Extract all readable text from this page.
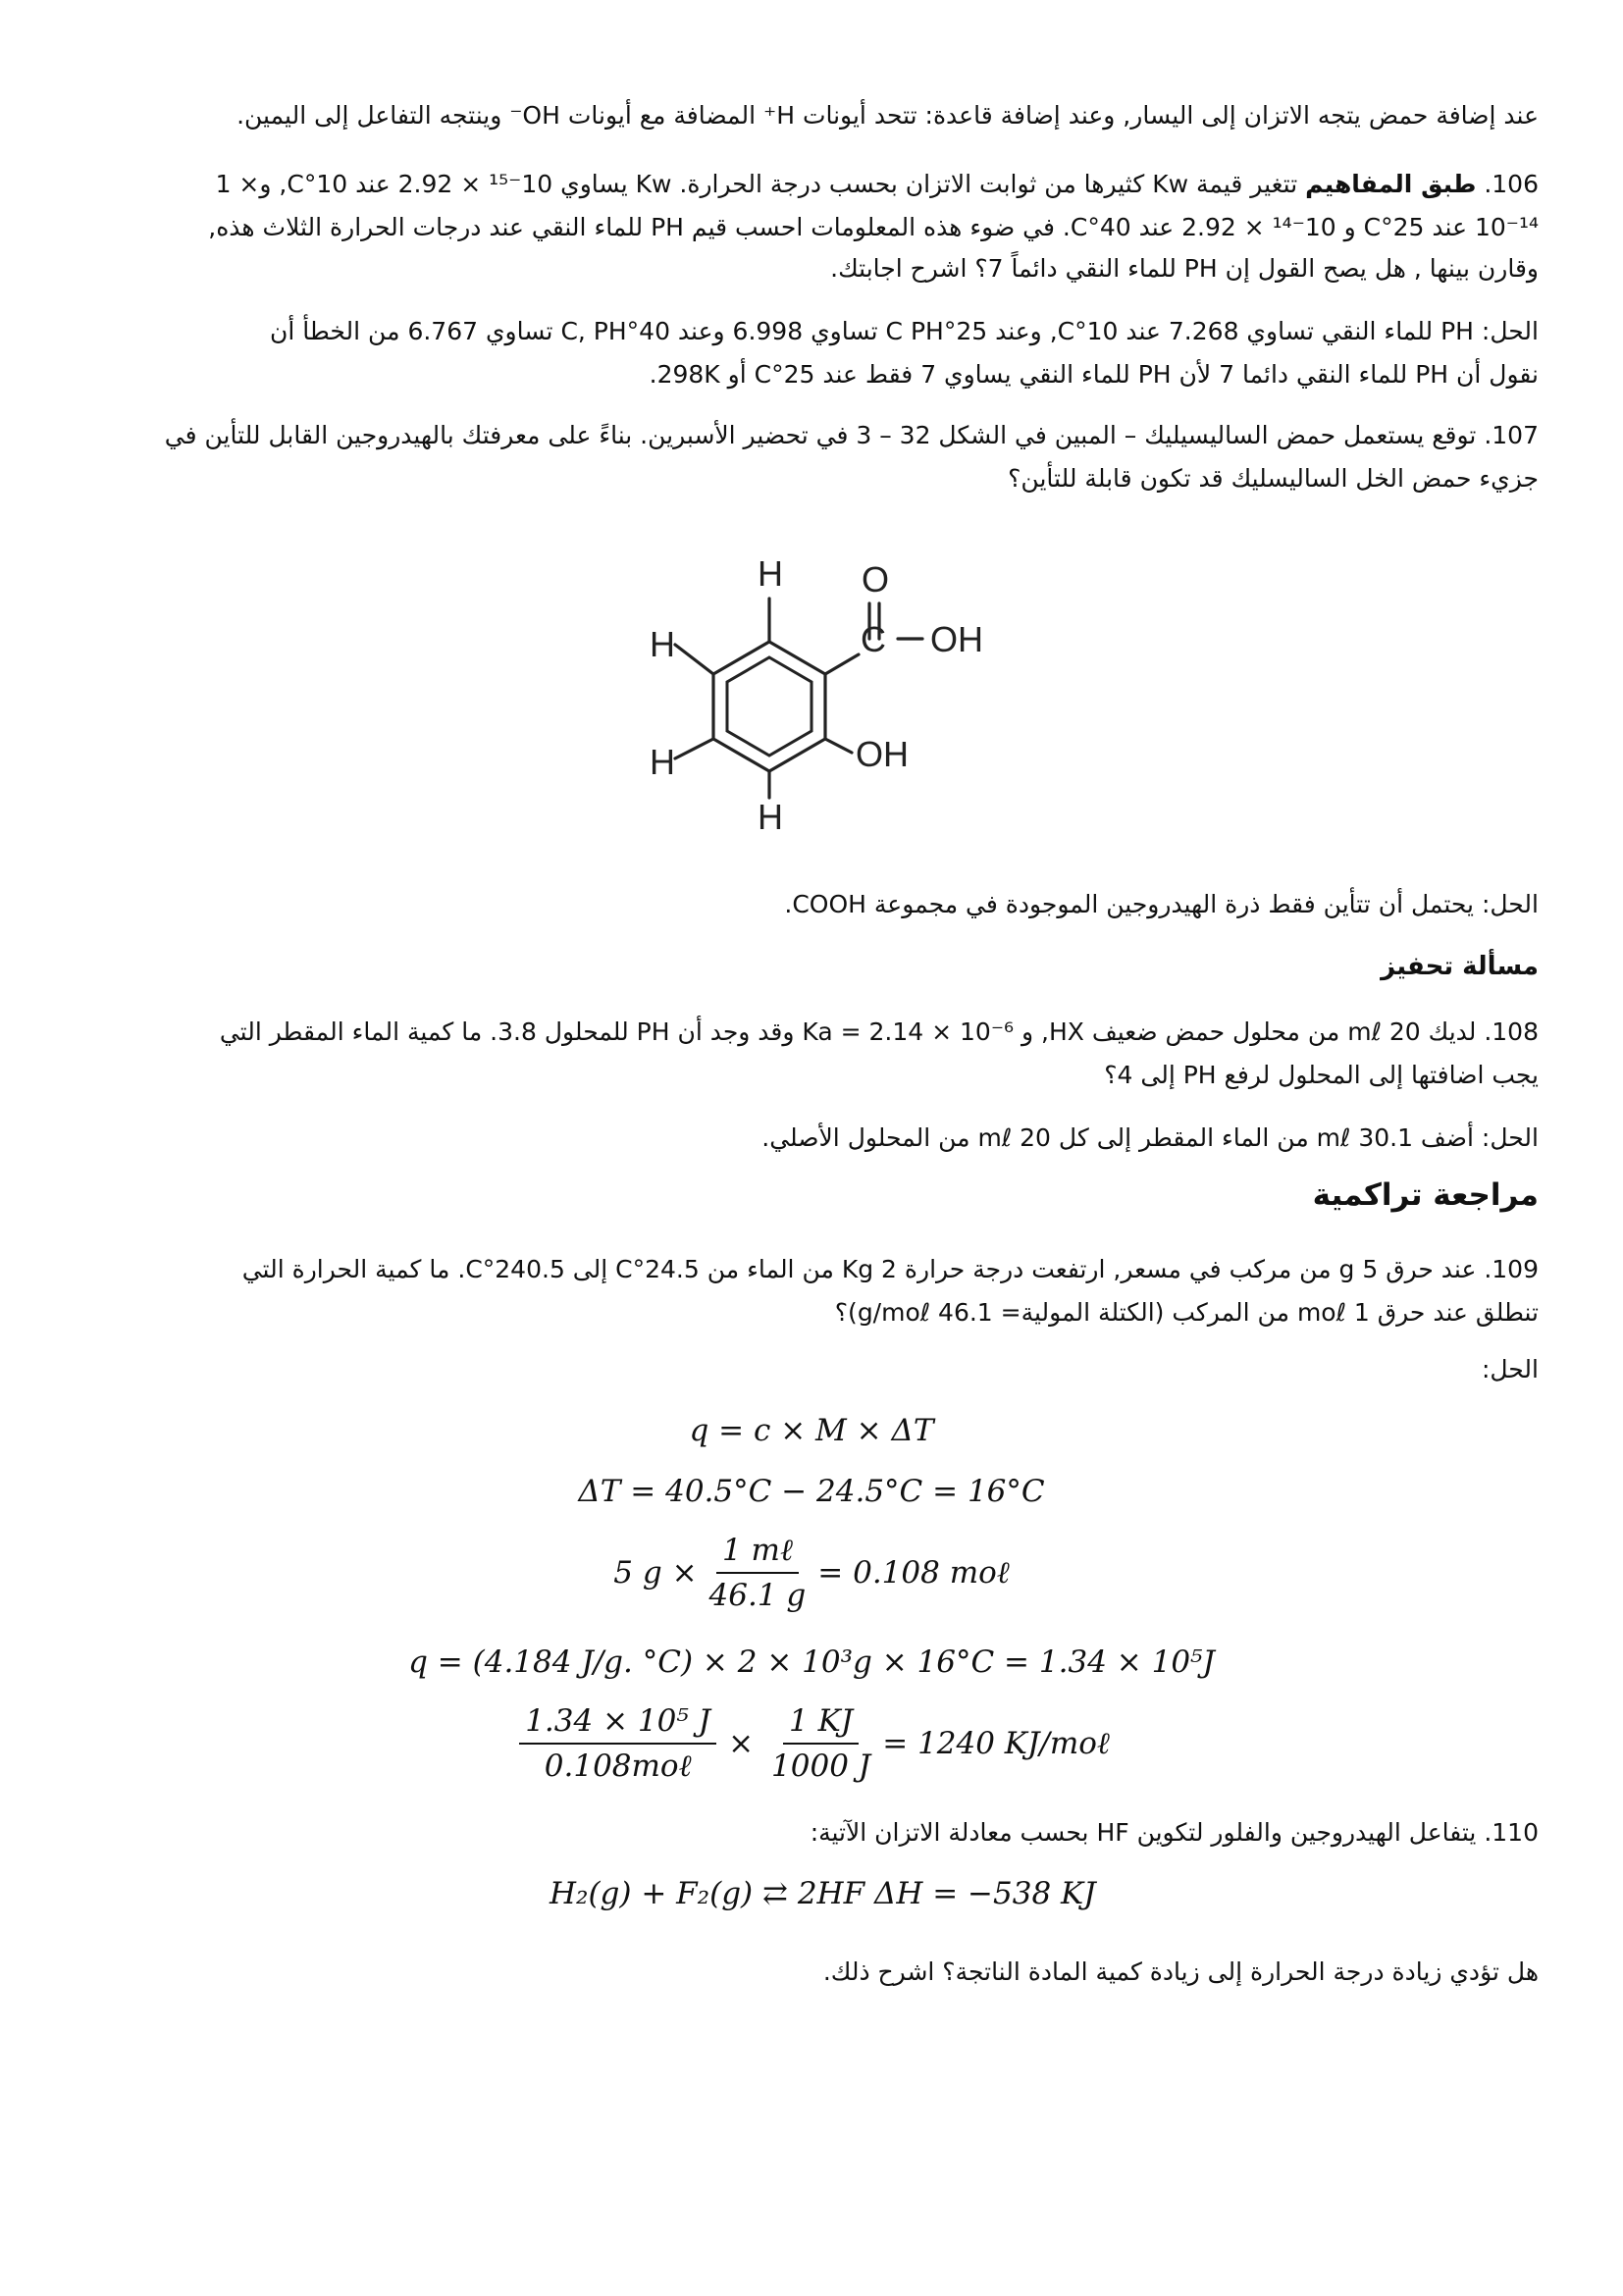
عند إضافة حمض يتجه الاتزان إلى اليسار, وعند إضافة قاعدة: تتحد أيونات H⁺ المضافة مع أيونات OH⁻ وينتجه التفاعل إلى اليمين.

106. طبق المفاهيم تتغير قيمة Kw كثيرها من ثوابت الاتزان بحسب درجة الحرارة. Kw يساوي 10⁻¹⁵ × 2.92 عند 10°C, و× 1

10⁻¹⁴ عند 25°C و 10⁻¹⁴ × 2.92 عند 40°C. في ضوء هذه المعلومات احسب قيم PH للماء النقي عند درجات الحرارة الثلاث هذه,

وقارن بينها , هل يصح القول إن PH للماء النقي دائماً 7؟ اشرح اجابتك.

الحل: PH للماء النقي تساوي 7.268 عند 10°C, وعند 25°C PH تساوي 6.998 وعند 40°C, PH تساوي 6.767 من الخطأ أن

نقول أن PH للماء النقي دائما 7 لأن PH للماء النقي يساوي 7 فقط عند 25°C أو 298K.

107. توقع يستعمل حمض الساليسيليك – المبين في الشكل 32 – 3 في تحضير الأسبرين. بناءً على معرفتك بالهيدروجين القابل للتأين في

جزيء حمض الخل الساليسليك قد تكون قابلة للتأين؟

H
H
H
H
O
C OH
OH

الحل: يحتمل أن تتأين فقط ذرة الهيدروجين الموجودة في مجموعة COOH.

مسألة تحفيز

108. لديك 20 mℓ من محلول حمض ضعيف HX, و Ka = 2.14 × 10⁻⁶ وقد وجد أن PH للمحلول 3.8. ما كمية الماء المقطر التي

يجب اضافتها إلى المحلول لرفع PH إلى 4؟

الحل: أضف 30.1 mℓ من الماء المقطر إلى كل 20 mℓ من المحلول الأصلي.

مراجعة تراكمية

109. عند حرق 5 g من مركب في مسعر, ارتفعت درجة حرارة 2 Kg من الماء من 24.5°C إلى 240.5°C. ما كمية الحرارة التي

تنطلق عند حرق 1 moℓ من المركب (الكتلة المولية= 46.1 g/moℓ)؟

الحل:

q = c × M × ΔT

ΔT = 40.5°C − 24.5°C = 16°C

5 $g \times \frac{\text{1 mℓ}}{46.1 g} = 0.108$ moℓ

q = (4.184 J/g. °C) × 2 × 10³g × 16°C = 1.34 × 10⁵J

$\frac{\text{1.34 × 10⁵ J}}{\text{0.108moℓ}} \times \frac{1 KJ}{1000 J} = 1240$ KJ/moℓ

110. يتفاعل الهيدروجين والفلور لتكوين HF بحسب معادلة الاتزان الآتية:

H₂(g) + F₂(g) ⇄ 2HF ΔH = −538 KJ

هل تؤدي زيادة درجة الحرارة إلى زيادة كمية المادة الناتجة؟ اشرح ذلك.
